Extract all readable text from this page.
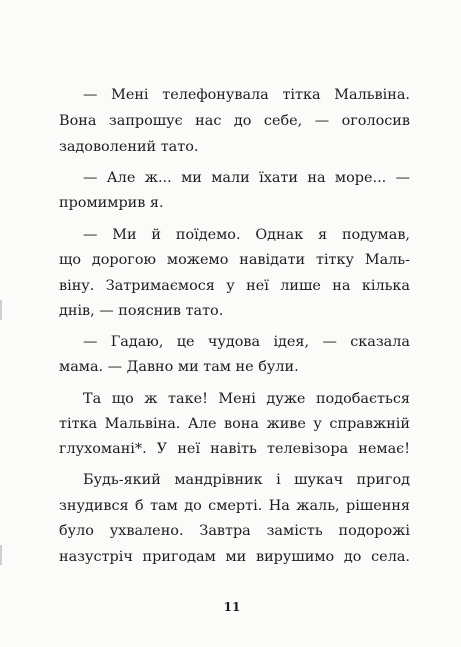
— Мені телефонувала тітка Мальвіна.
Вона запрошує нас до себе, — оголосив
задоволений тато.
— Але ж... ми мали їхати на море... —
промимрив я.
— Ми й поїдемо. Однак я подумав,
що дорогою можемо навідати тітку Маль-
віну. Затримаємося у неї лише на кілька
днів, — пояснив тато.
— Гадаю, це чудова ідея, — сказала
мама. — Давно ми там не були.
Та що ж таке! Мені дуже подобається
тітка Мальвіна. Але вона живе у справжній
глухомані*. У неї навіть телевізора немає!
Будь-який мандрівник і шукач пригод
знудився б там до смерті. На жаль, рішення
було ухвалено. Завтра замість подорожі
назустріч пригодам ми вирушимо до села.
11
